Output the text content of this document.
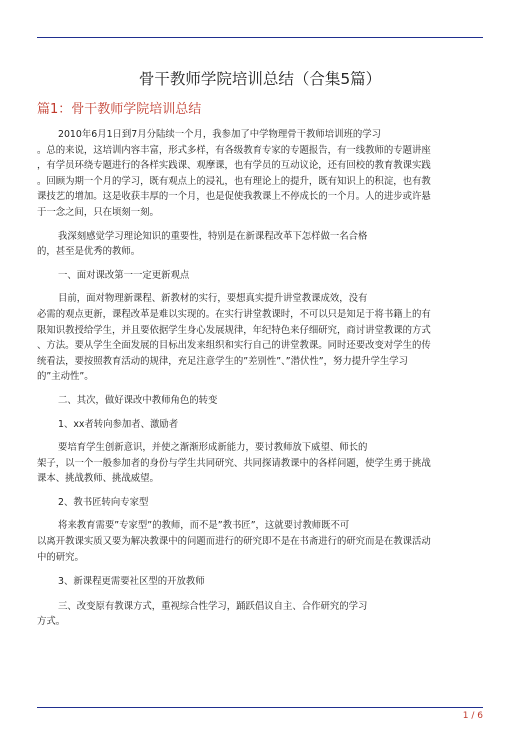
骨干教师学院培训总结（合集5篇）
篇1：骨干教师学院培训总结

2010年6月1日到7月分陆续一个月，我参加了中学物理骨干教师培训班的学习

。总的来说，这培训内容丰富，形式多样，有各级教育专家的专题报告，有一线教师的专题讲座

，有学员环绕专题进行的各样实践课、观摩课，也有学员的互动议论，还有回校的教育教课实践

。回顾为期一个月的学习，既有观点上的浸礼，也有理论上的提升，既有知识上的积淀，也有教

课技艺的增加。这是收获丰厚的一个月，也是促使我教课上不停成长的一个月。人的进步或许悬

于一念之间，只在顷刻一刻。

我深刻感觉学习理论知识的重要性，特别是在新课程改革下怎样做一名合格

的，甚至是优秀的教师。

一、面对课改第一一定更新观点

目前，面对物理新课程、新教材的实行，要想真实提升讲堂教课成效，没有

必需的观点更新，课程改革是难以实现的。在实行讲堂教课时，不可以只是知足于将书籍上的有

限知识教授给学生，并且要依据学生身心发展规律，年纪特色来仔细研究，商讨讲堂教课的方式

、方法。要从学生全面发展的目标出发来组织和实行自己的讲堂教课。同时还要改变对学生的传

统看法，要按照教育活动的规律，充足注意学生的”差别性”、”潜伏性”，努力提升学生学习

的”主动性”。

二、其次，做好课改中教师角色的转变

1、xx者转向参加者、激励者

要培育学生创新意识，并使之渐渐形成新能力，要讨教师放下威望、师长的

架子，以一个一般参加者的身份与学生共同研究、共同探请教课中的各样问题，使学生勇于挑战

课本、挑战教师、挑战威望。

2、教书匠转向专家型

将来教育需要”专家型”的教师，而不是”教书匠”，这就要讨教师既不可

以离开教课实质又要为解决教课中的问题而进行的研究即不是在书斋进行的研究而是在教课活动

中的研究。

3、新课程更需要社区型的开放教师

三、改变原有教课方式，重视综合性学习，踊跃倡议自主、合作研究的学习

方式。

1 / 6
